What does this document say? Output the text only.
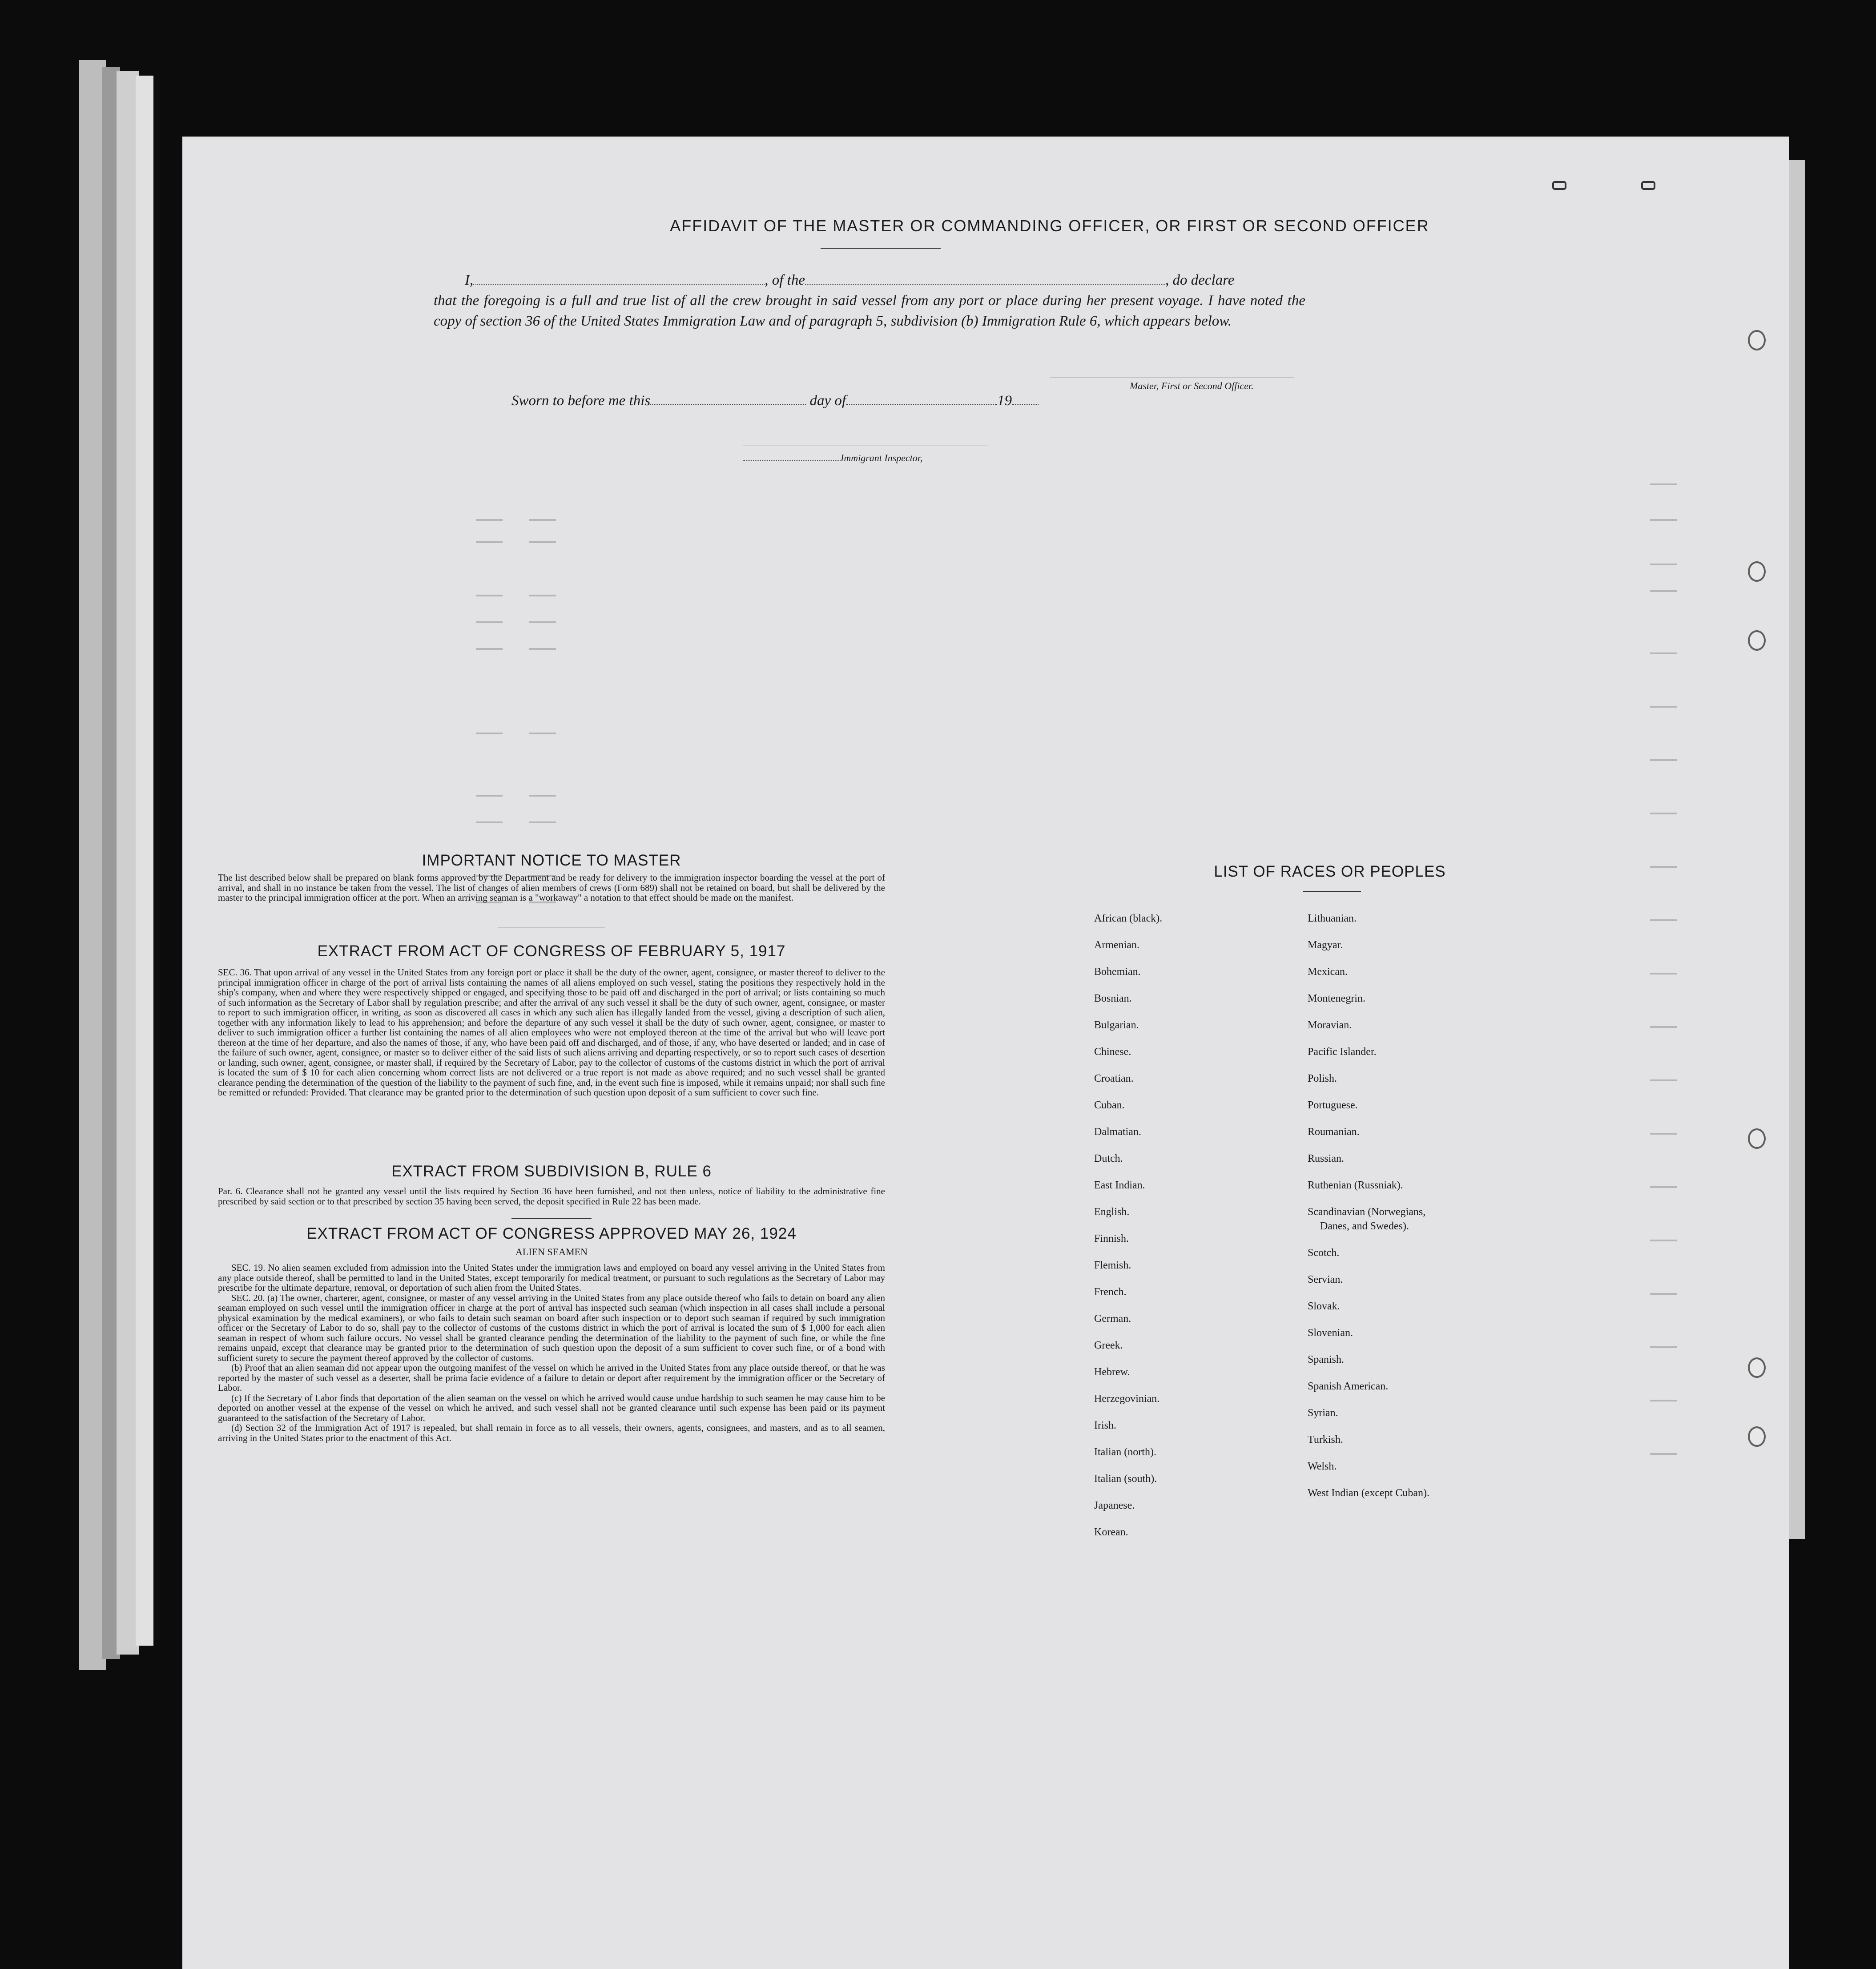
AFFIDAVIT OF THE MASTER OR COMMANDING OFFICER, OR FIRST OR SECOND OFFICER
I,	, of the	, do declare
that the foregoing is a full and true list of all the crew brought in said vessel from any port or place during her present voyage. I have noted the copy of section 36 of the United States Immigration Law and of paragraph 5, subdivision (b) Immigration Rule 6, which appears below.
Master, First or Second Officer.
Sworn to before me this	day of	19
Immigrant Inspector,
IMPORTANT NOTICE TO MASTER
The list described below shall be prepared on blank forms approved by the Department and be ready for delivery to the immigration inspector boarding the vessel at the port of arrival, and shall in no instance be taken from the vessel. The list of changes of alien members of crews (Form 689) shall not be retained on board, but shall be delivered by the master to the principal immigration officer at the port. When an arriving seaman is a "workaway" a notation to that effect should be made on the manifest.
EXTRACT FROM ACT OF CONGRESS OF FEBRUARY 5, 1917
SEC. 36. That upon arrival of any vessel in the United States from any foreign port or place it shall be the duty of the owner, agent, consignee, or master thereof to deliver to the principal immigration officer in charge of the port of arrival lists containing the names of all aliens employed on such vessel, stating the positions they respectively hold in the ship's company, when and where they were respectively shipped or engaged, and specifying those to be paid off and discharged in the port of arrival; or lists containing so much of such information as the Secretary of Labor shall by regulation prescribe; and after the arrival of any such vessel it shall be the duty of such owner, agent, consignee, or master to report to such immigration officer, in writing, as soon as discovered all cases in which any such alien has illegally landed from the vessel, giving a description of such alien, together with any information likely to lead to his apprehension; and before the departure of any such vessel it shall be the duty of such owner, agent, consignee, or master to deliver to such immigration officer a further list containing the names of all alien employees who were not employed thereon at the time of the arrival but who will leave port thereon at the time of her departure, and also the names of those, if any, who have been paid off and discharged, and of those, if any, who have deserted or landed; and in case of the failure of such owner, agent, consignee, or master so to deliver either of the said lists of such aliens arriving and departing respectively, or so to report such cases of desertion or landing, such owner, agent, consignee, or master shall, if required by the Secretary of Labor, pay to the collector of customs of the customs district in which the port of arrival is located the sum of $ 10 for each alien concerning whom correct lists are not delivered or a true report is not made as above required; and no such vessel shall be granted clearance pending the determination of the question of the liability to the payment of such fine, and, in the event such fine is imposed, while it remains unpaid; nor shall such fine be remitted or refunded: Provided. That clearance may be granted prior to the determination of such question upon deposit of a sum sufficient to cover such fine.
EXTRACT FROM SUBDIVISION B, RULE 6
Par. 6. Clearance shall not be granted any vessel until the lists required by Section 36 have been furnished, and not then unless, notice of liability to the administrative fine prescribed by said section or to that prescribed by section 35 having been served, the deposit specified in Rule 22 has been made.
EXTRACT FROM ACT OF CONGRESS APPROVED MAY 26, 1924
ALIEN SEAMEN
SEC. 19. No alien seamen excluded from admission into the United States under the immigration laws and employed on board any vessel arriving in the United States from any place outside thereof, shall be permitted to land in the United States, except temporarily for medical treatment, or pursuant to such regulations as the Secretary of Labor may prescribe for the ultimate departure, removal, or deportation of such alien from the United States.
SEC. 20. (a) The owner, charterer, agent, consignee, or master of any vessel arriving in the United States from any place outside thereof who fails to detain on board any alien seaman employed on such vessel until the immigration officer in charge at the port of arrival has inspected such seaman (which inspection in all cases shall include a personal physical examination by the medical examiners), or who fails to detain such seaman on board after such inspection or to deport such seaman if required by such immigration officer or the Secretary of Labor to do so, shall pay to the collector of customs of the customs district in which the port of arrival is located the sum of $ 1,000 for each alien seaman in respect of whom such failure occurs. No vessel shall be granted clearance pending the determination of the liability to the payment of such fine, or while the fine remains unpaid, except that clearance may be granted prior to the determination of such question upon the deposit of a sum sufficient to cover such fine, or of a bond with sufficient surety to secure the payment thereof approved by the collector of customs.
(b) Proof that an alien seaman did not appear upon the outgoing manifest of the vessel on which he arrived in the United States from any place outside thereof, or that he was reported by the master of such vessel as a deserter, shall be prima facie evidence of a failure to detain or deport after requirement by the immigration officer or the Secretary of Labor.
(c) If the Secretary of Labor finds that deportation of the alien seaman on the vessel on which he arrived would cause undue hardship to such seamen he may cause him to be deported on another vessel at the expense of the vessel on which he arrived, and such vessel shall not be granted clearance until such expense has been paid or its payment guaranteed to the satisfaction of the Secretary of Labor.
(d) Section 32 of the Immigration Act of 1917 is repealed, but shall remain in force as to all vessels, their owners, agents, consignees, and masters, and as to all seamen, arriving in the United States prior to the enactment of this Act.
LIST OF RACES OR PEOPLES
African (black).
Armenian.
Bohemian.
Bosnian.
Bulgarian.
Chinese.
Croatian.
Cuban.
Dalmatian.
Dutch.
East Indian.
English.
Finnish.
Flemish.
French.
German.
Greek.
Hebrew.
Herzegovinian.
Irish.
Italian (north).
Italian (south).
Japanese.
Korean.
Lithuanian.
Magyar.
Mexican.
Montenegrin.
Moravian.
Pacific Islander.
Polish.
Portuguese.
Roumanian.
Russian.
Ruthenian (Russniak).
Scandinavian (Norwegians,
Danes, and Swedes).
Scotch.
Servian.
Slovak.
Slovenian.
Spanish.
Spanish American.
Syrian.
Turkish.
Welsh.
West Indian (except Cuban).
